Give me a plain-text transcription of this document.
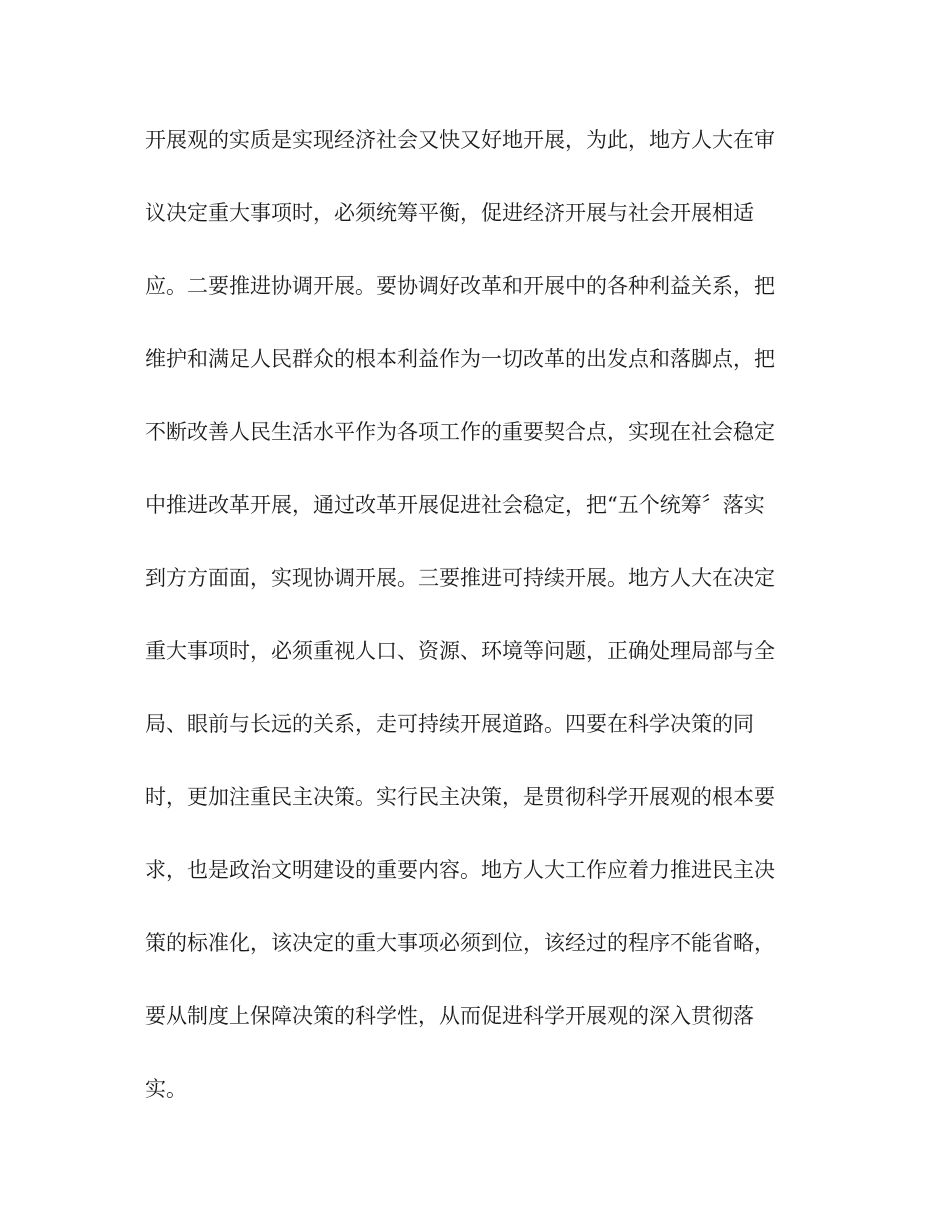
开展观的实质是实现经济社会又快又好地开展，为此，地方人大在审
议决定重大事项时，必须统筹平衡，促进经济开展与社会开展相适
应。二要推进协调开展。要协调好改革和开展中的各种利益关系，把
维护和满足人民群众的根本利益作为一切改革的出发点和落脚点，把
不断改善人民生活水平作为各项工作的重要契合点，实现在社会稳定
中推进改革开展，通过改革开展促进社会稳定，把“五个统筹〞落实
到方方面面，实现协调开展。三要推进可持续开展。地方人大在决定
重大事项时，必须重视人口、资源、环境等问题，正确处理局部与全
局、眼前与长远的关系，走可持续开展道路。四要在科学决策的同
时，更加注重民主决策。实行民主决策，是贯彻科学开展观的根本要
求，也是政治文明建设的重要内容。地方人大工作应着力推进民主决
策的标准化，该决定的重大事项必须到位，该经过的程序不能省略，
要从制度上保障决策的科学性，从而促进科学开展观的深入贯彻落
实。
